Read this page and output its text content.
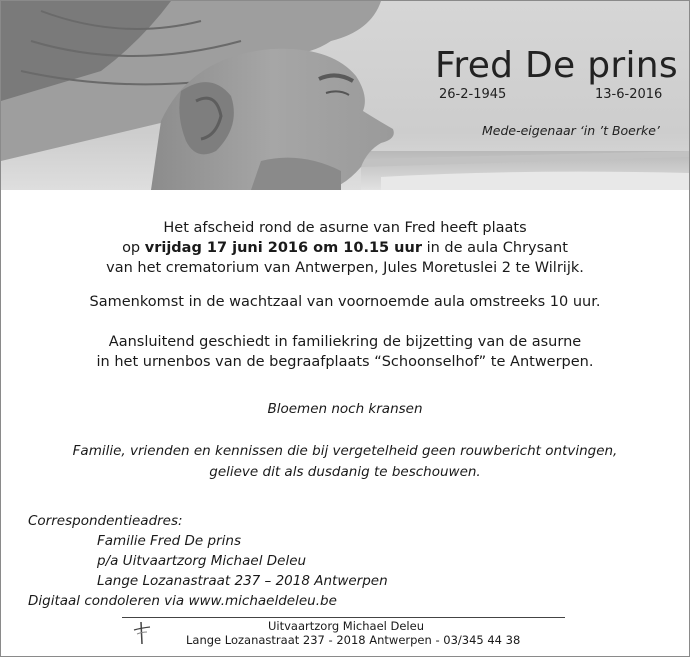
Fred De prins
26-2-1945	13-6-2016
Mede-eigenaar ‘in ’t Boerke’

Het afscheid rond de asurne van Fred heeft plaats

op vrijdag 17 juni 2016 om 10.15 uur in de aula Chrysant

van het crematorium van Antwerpen, Jules Moretuslei 2 te Wilrijk.

Samenkomst in de wachtzaal van voornoemde aula omstreeks 10 uur.

Aansluitend geschiedt in familiekring de bijzetting van de asurne

in het urnenbos van de begraafplaats “Schoonselhof” te Antwerpen.

Bloemen noch kransen

Familie, vrienden en kennissen die bij vergetelheid geen rouwbericht ontvingen,

gelieve dit als dusdanig te beschouwen.

Correspondentieadres:

Familie Fred De prins

p/a Uitvaartzorg Michael Deleu

Lange Lozanastraat 237 – 2018 Antwerpen

Digitaal condoleren via www.michaeldeleu.be

Uitvaartzorg Michael Deleu

Lange Lozanastraat 237 - 2018 Antwerpen - 03/345 44 38
